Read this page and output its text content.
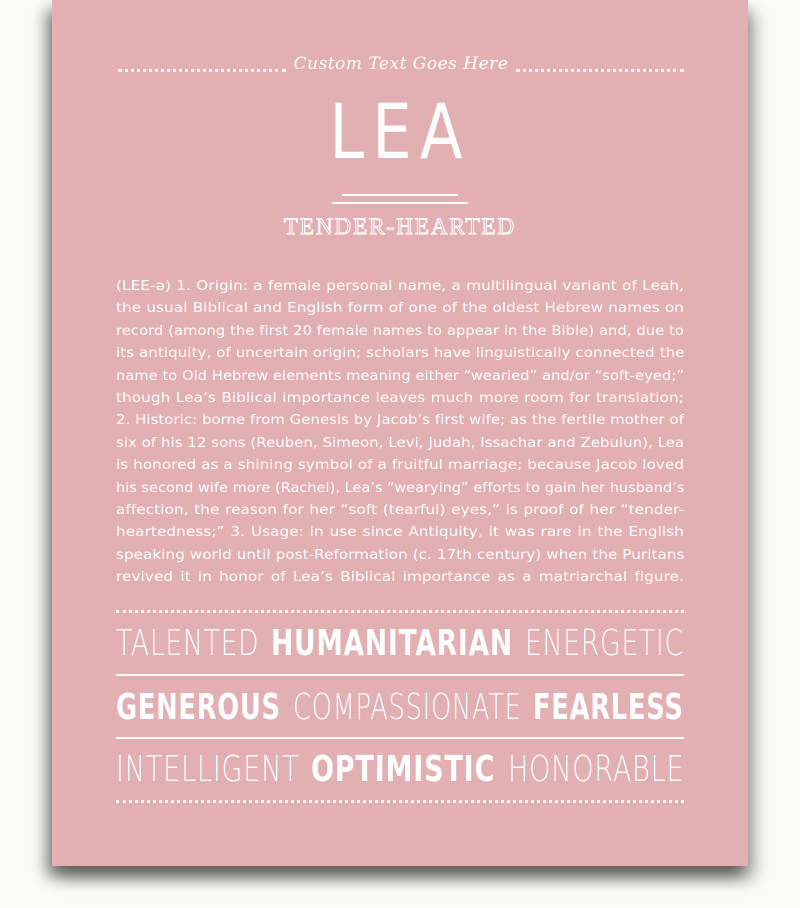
Custom Text Goes Here
LEA
TENDER-HEARTED
(LEE-ə) 1. Origin: a female personal name, a multilingual variant of Leah,
the usual Biblical and English form of one of the oldest Hebrew names on
record (among the first 20 female names to appear in the Bible) and, due to
its antiquity, of uncertain origin; scholars have linguistically connected the
name to Old Hebrew elements meaning either “wearied” and/or “soft-eyed;”
though Lea’s Biblical importance leaves much more room for translation;
2. Historic: borne from Genesis by Jacob’s first wife; as the fertile mother of
six of his 12 sons (Reuben, Simeon, Levi, Judah, Issachar and Zebulun), Lea
is honored as a shining symbol of a fruitful marriage; because Jacob loved
his second wife more (Rachel), Lea’s “wearying” efforts to gain her husband’s
affection, the reason for her “soft (tearful) eyes,” is proof of her “tender-
heartedness;” 3. Usage: in use since Antiquity, it was rare in the English
speaking world until post-Reformation (c. 17th century) when the Puritans
revived it in honor of Lea’s Biblical importance as a matriarchal figure.
TALENTED HUMANITARIAN ENERGETIC
GENEROUS COMPASSIONATE FEARLESS
INTELLIGENT OPTIMISTIC HONORABLE
